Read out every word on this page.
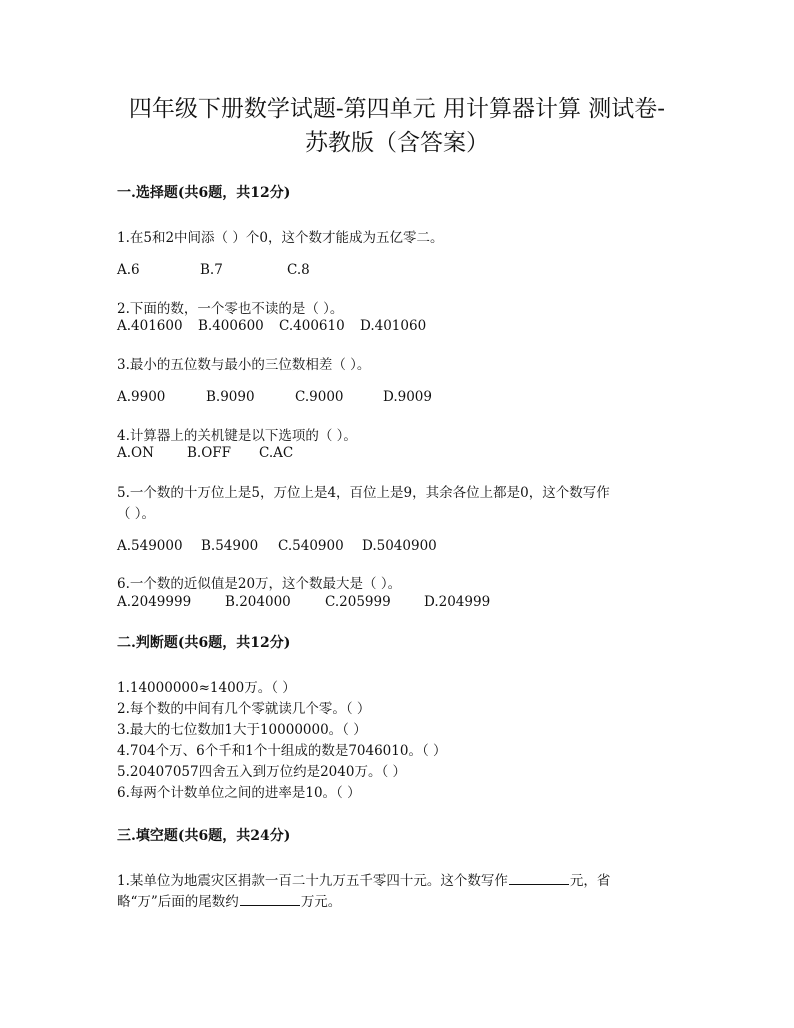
四年级下册数学试题-第四单元 用计算器计算 测试卷-
苏教版（含答案）
一.选择题(共6题，共12分)
1.在5和2中间添（ ）个0，这个数才能成为五亿零二。
A.6	B.7	C.8
2.下面的数，一个零也不读的是（ ）。
A.401600 B.400600 C.400610 D.401060
3.最小的五位数与最小的三位数相差（ ）。
A.9900	B.9090	C.9000	D.9009
4.计算器上的关机键是以下选项的（ ）。
A.ON B.OFF C.AC
5.一个数的十万位上是5，万位上是4，百位上是9，其余各位上都是0，这个数写作
（ ）。
A.549000 B.54900 C.540900 D.5040900
6.一个数的近似值是20万，这个数最大是（ ）。
A.2049999	B.204000	C.205999 D.204999
二.判断题(共6题，共12分)
1.14000000≈1400万。（ ）
2.每个数的中间有几个零就读几个零。（ ）
3.最大的七位数加1大于10000000。（ ）
4.704个万、6个千和1个十组成的数是7046010。（ ）
5.20407057四舍五入到万位约是2040万。（ ）
6.每两个计数单位之间的进率是10。（ ）
三.填空题(共6题，共24分)
1.某单位为地震灾区捐款一百二十九万五千零四十元。这个数写作	元，省
略“万”后面的尾数约	万元。
